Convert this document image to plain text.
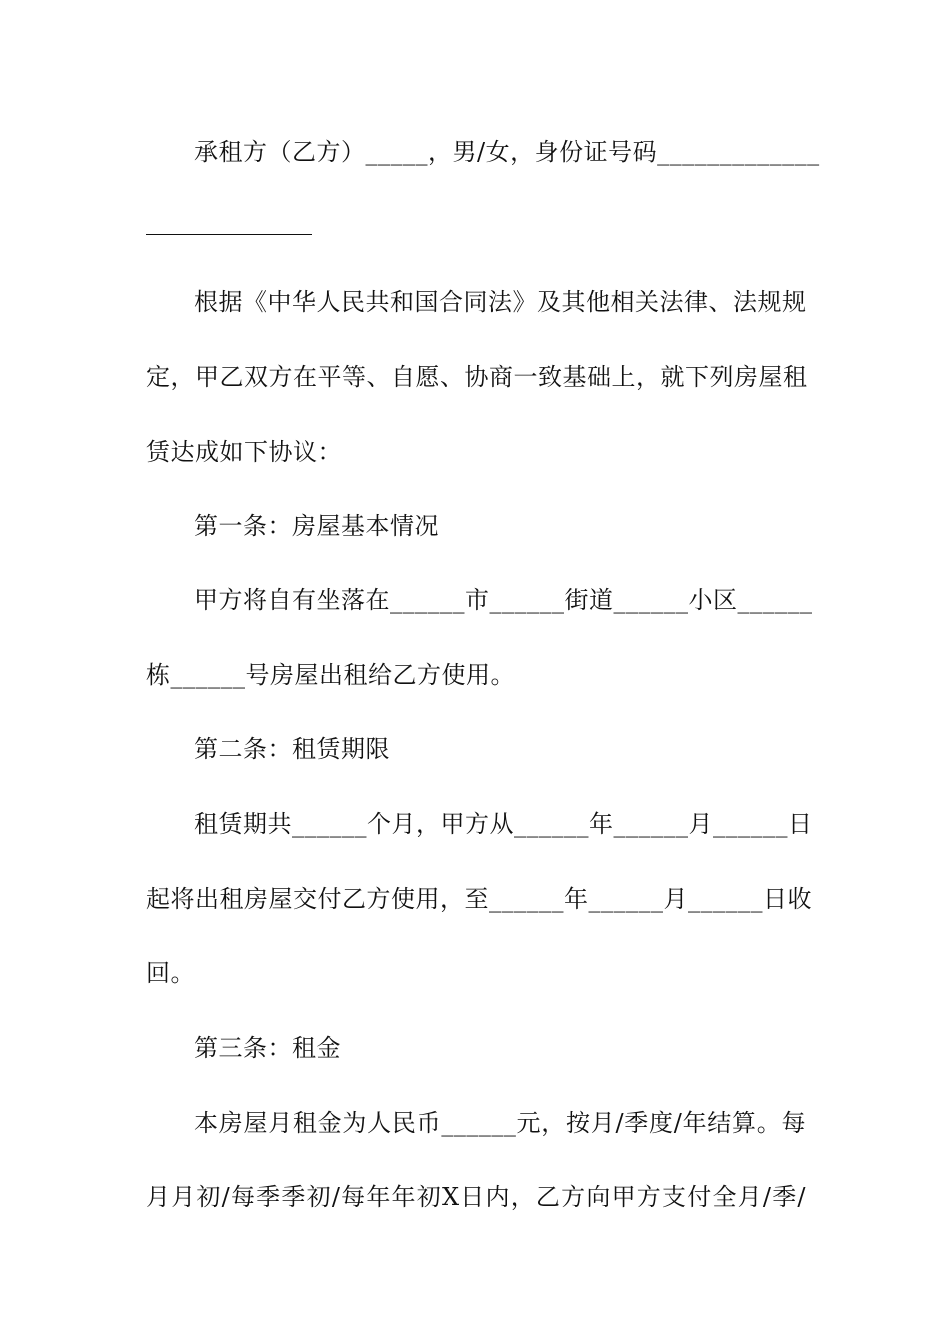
承租方（乙方）_____，男/女，身份证号码_____________
根据《中华人民共和国合同法》及其他相关法律、法规规
定，甲乙双方在平等、自愿、协商一致基础上，就下列房屋租
赁达成如下协议：
第一条：房屋基本情况
甲方将自有坐落在______市______街道______小区______
栋______号房屋出租给乙方使用。
第二条：租赁期限
租赁期共______个月，甲方从______年______月______日
起将出租房屋交付乙方使用，至______年______月______日收
回。
第三条：租金
本房屋月租金为人民币______元，按月/季度/年结算。每
月月初/每季季初/每年年初X日内，乙方向甲方支付全月/季/
